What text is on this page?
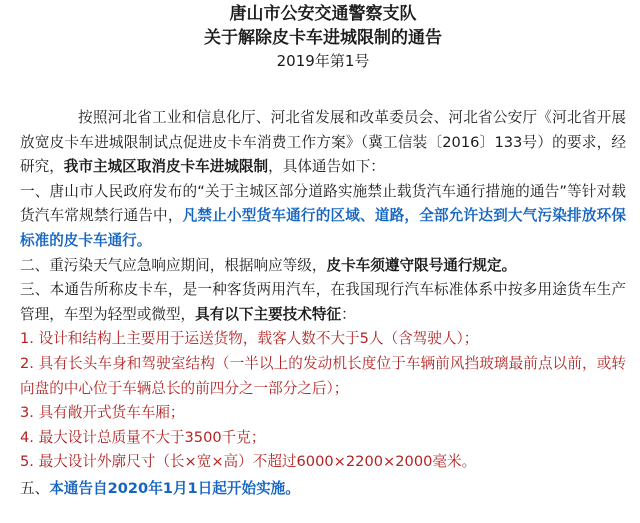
唐山市公安交通警察支队

关于解除皮卡车进城限制的通告

2019年第1号

按照河北省工业和信息化厅、河北省发展和改革委员会、河北省公安厅《河北省开展放宽皮卡车进城限制试点促进皮卡车消费工作方案》（冀工信装〔2016〕133号）的要求，经研究，我市主城区取消皮卡车进城限制，具体通告如下：

一、唐山市人民政府发布的“关于主城区部分道路实施禁止载货汽车通行措施的通告”等针对载货汽车常规禁行通告中，凡禁止小型货车通行的区域、道路，全部允许达到大气污染排放环保标准的皮卡车通行。

二、重污染天气应急响应期间，根据响应等级，皮卡车须遵守限号通行规定。

三、本通告所称皮卡车，是一种客货两用汽车，在我国现行汽车标准体系中按多用途货车生产管理，车型为轻型或微型，具有以下主要技术特征：

1. 设计和结构上主要用于运送货物，载客人数不大于5人（含驾驶人）；

2. 具有长头车身和驾驶室结构（一半以上的发动机长度位于车辆前风挡玻璃最前点以前，或转向盘的中心位于车辆总长的前四分之一部分之后）；

3. 具有敞开式货车车厢；

4. 最大设计总质量不大于3500千克；

5. 最大设计外廓尺寸（长×宽×高）不超过6000×2200×2000毫米。

五、本通告自2020年1月1日起开始实施。
